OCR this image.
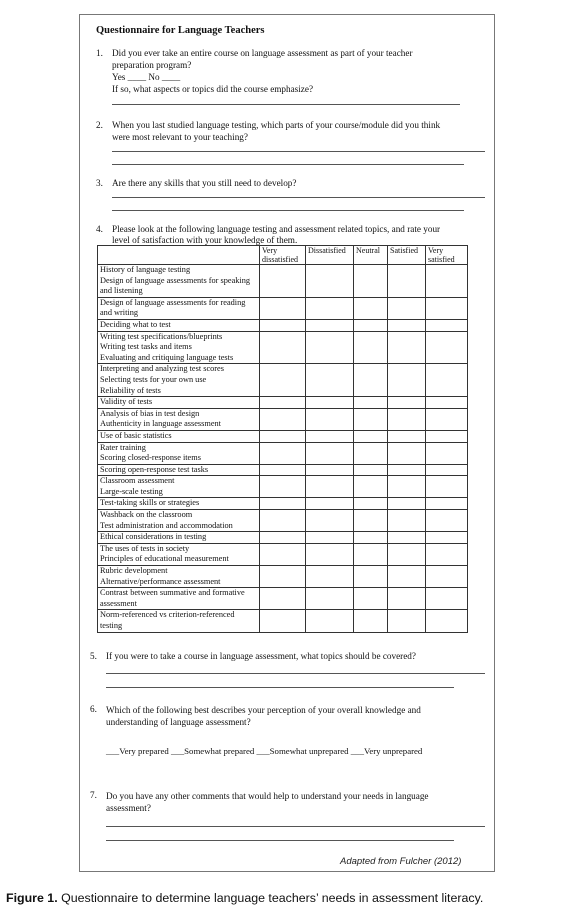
Questionnaire for Language Teachers
1. Did you ever take an entire course on language assessment as part of your teacher
preparation program?
Yes ____ No ____
If so, what aspects or topics did the course emphasize?
2. When you last studied language testing, which parts of your course/module did you think
were most relevant to your teaching?
3. Are there any skills that you still need to develop?
4. Please look at the following language testing and assessment related topics, and rate your
level of satisfaction with your knowledge of them.
	Very dissatisfied	Dissatisfied	Neutral	Satisfied	Very satisfied

History of language testing
Design of language assessments for speaking and listening					

Design of language assessments for reading and writing					

Deciding what to test					

Writing test specifications/blueprints
Writing test tasks and items
Evaluating and critiquing language tests					

Interpreting and analyzing test scores
Selecting tests for your own use
Reliability of tests					

Validity of tests					

Analysis of bias in test design
Authenticity in language assessment					

Use of basic statistics					

Rater training
Scoring closed-response items					

Scoring open-response test tasks					

Classroom assessment
Large-scale testing					

Test-taking skills or strategies					

Washback on the classroom
Test administration and accommodation					

Ethical considerations in testing					

The uses of tests in society
Principles of educational measurement					

Rubric development
Alternative/performance assessment					

Contrast between summative and formative assessment					

Norm-referenced vs criterion-referenced testing					

5. If you were to take a course in language assessment, what topics should be covered?
6. Which of the following best describes your perception of your overall knowledge and
understanding of language assessment?
___Very prepared ___Somewhat prepared ___Somewhat unprepared ___Very unprepared
7. Do you have any other comments that would help to understand your needs in language
assessment?
Adapted from Fulcher (2012)
Figure 1. Questionnaire to determine language teachers’ needs in assessment literacy.
